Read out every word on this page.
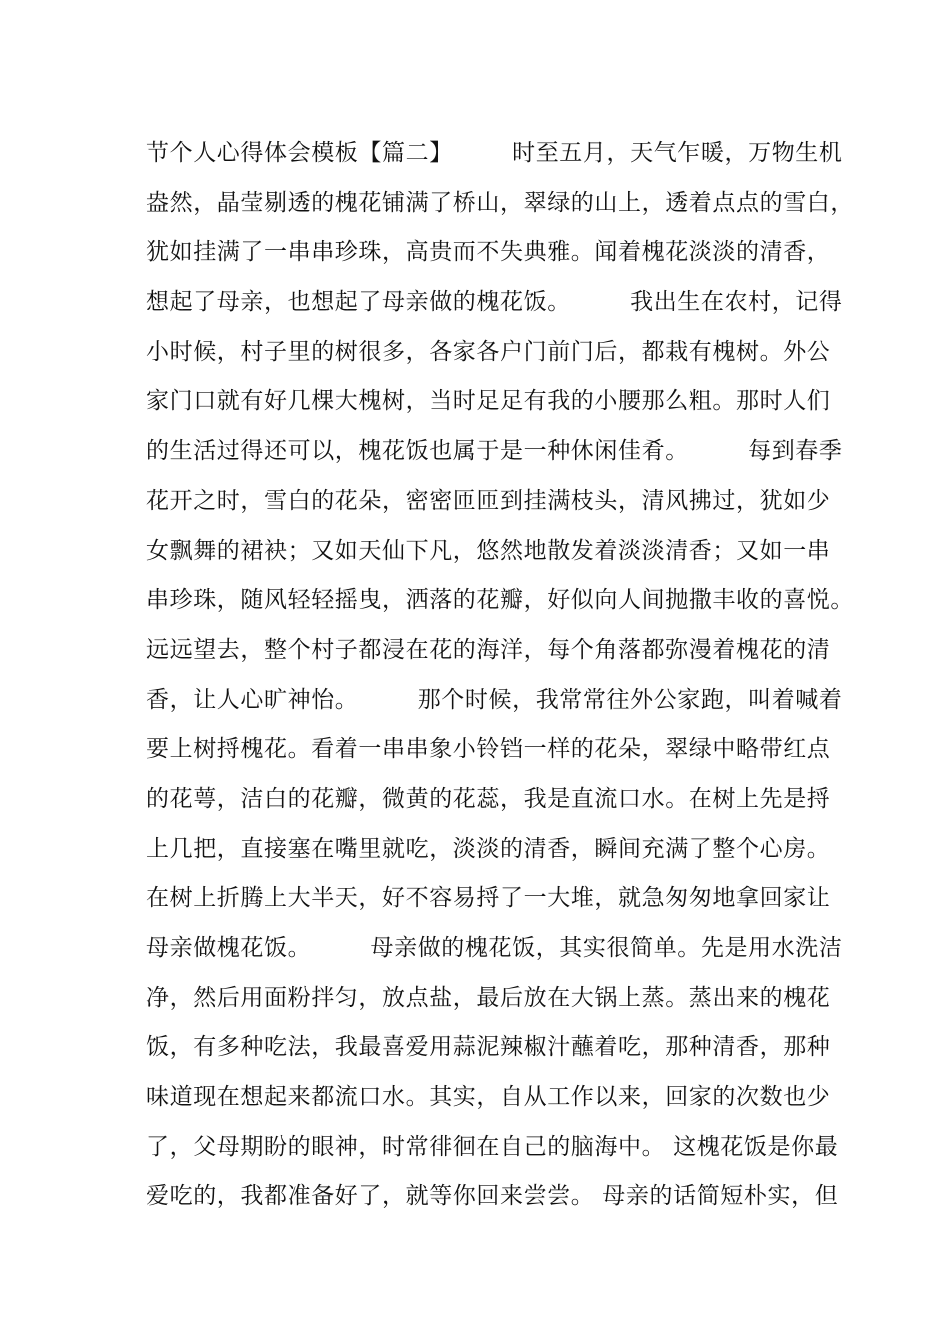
节个人心得体会模板【篇二】　　　时至五月，天气乍暖，万物生机
盎然，晶莹剔透的槐花铺满了桥山，翠绿的山上，透着点点的雪白，
犹如挂满了一串串珍珠，高贵而不失典雅。闻着槐花淡淡的清香，
想起了母亲，也想起了母亲做的槐花饭。　　　我出生在农村，记得
小时候，村子里的树很多，各家各户门前门后，都栽有槐树。外公
家门口就有好几棵大槐树，当时足足有我的小腰那么粗。那时人们
的生活过得还可以，槐花饭也属于是一种休闲佳肴。　　　每到春季
花开之时，雪白的花朵，密密匝匝到挂满枝头，清风拂过，犹如少
女飘舞的裙袂；又如天仙下凡，悠然地散发着淡淡清香；又如一串
串珍珠，随风轻轻摇曳，洒落的花瓣，好似向人间抛撒丰收的喜悦。
远远望去，整个村子都浸在花的海洋，每个角落都弥漫着槐花的清
香，让人心旷神怡。　　　那个时候，我常常往外公家跑，叫着喊着
要上树捋槐花。看着一串串象小铃铛一样的花朵，翠绿中略带红点
的花萼，洁白的花瓣，微黄的花蕊，我是直流口水。在树上先是捋
上几把，直接塞在嘴里就吃，淡淡的清香，瞬间充满了整个心房。
在树上折腾上大半天，好不容易捋了一大堆，就急匆匆地拿回家让
母亲做槐花饭。　　　母亲做的槐花饭，其实很简单。先是用水洗洁
净，然后用面粉拌匀，放点盐，最后放在大锅上蒸。蒸出来的槐花
饭，有多种吃法，我最喜爱用蒜泥辣椒汁蘸着吃，那种清香，那种
味道现在想起来都流口水。其实，自从工作以来，回家的次数也少
了，父母期盼的眼神，时常徘徊在自己的脑海中。 这槐花饭是你最
爱吃的，我都准备好了，就等你回来尝尝。 母亲的话简短朴实，但
